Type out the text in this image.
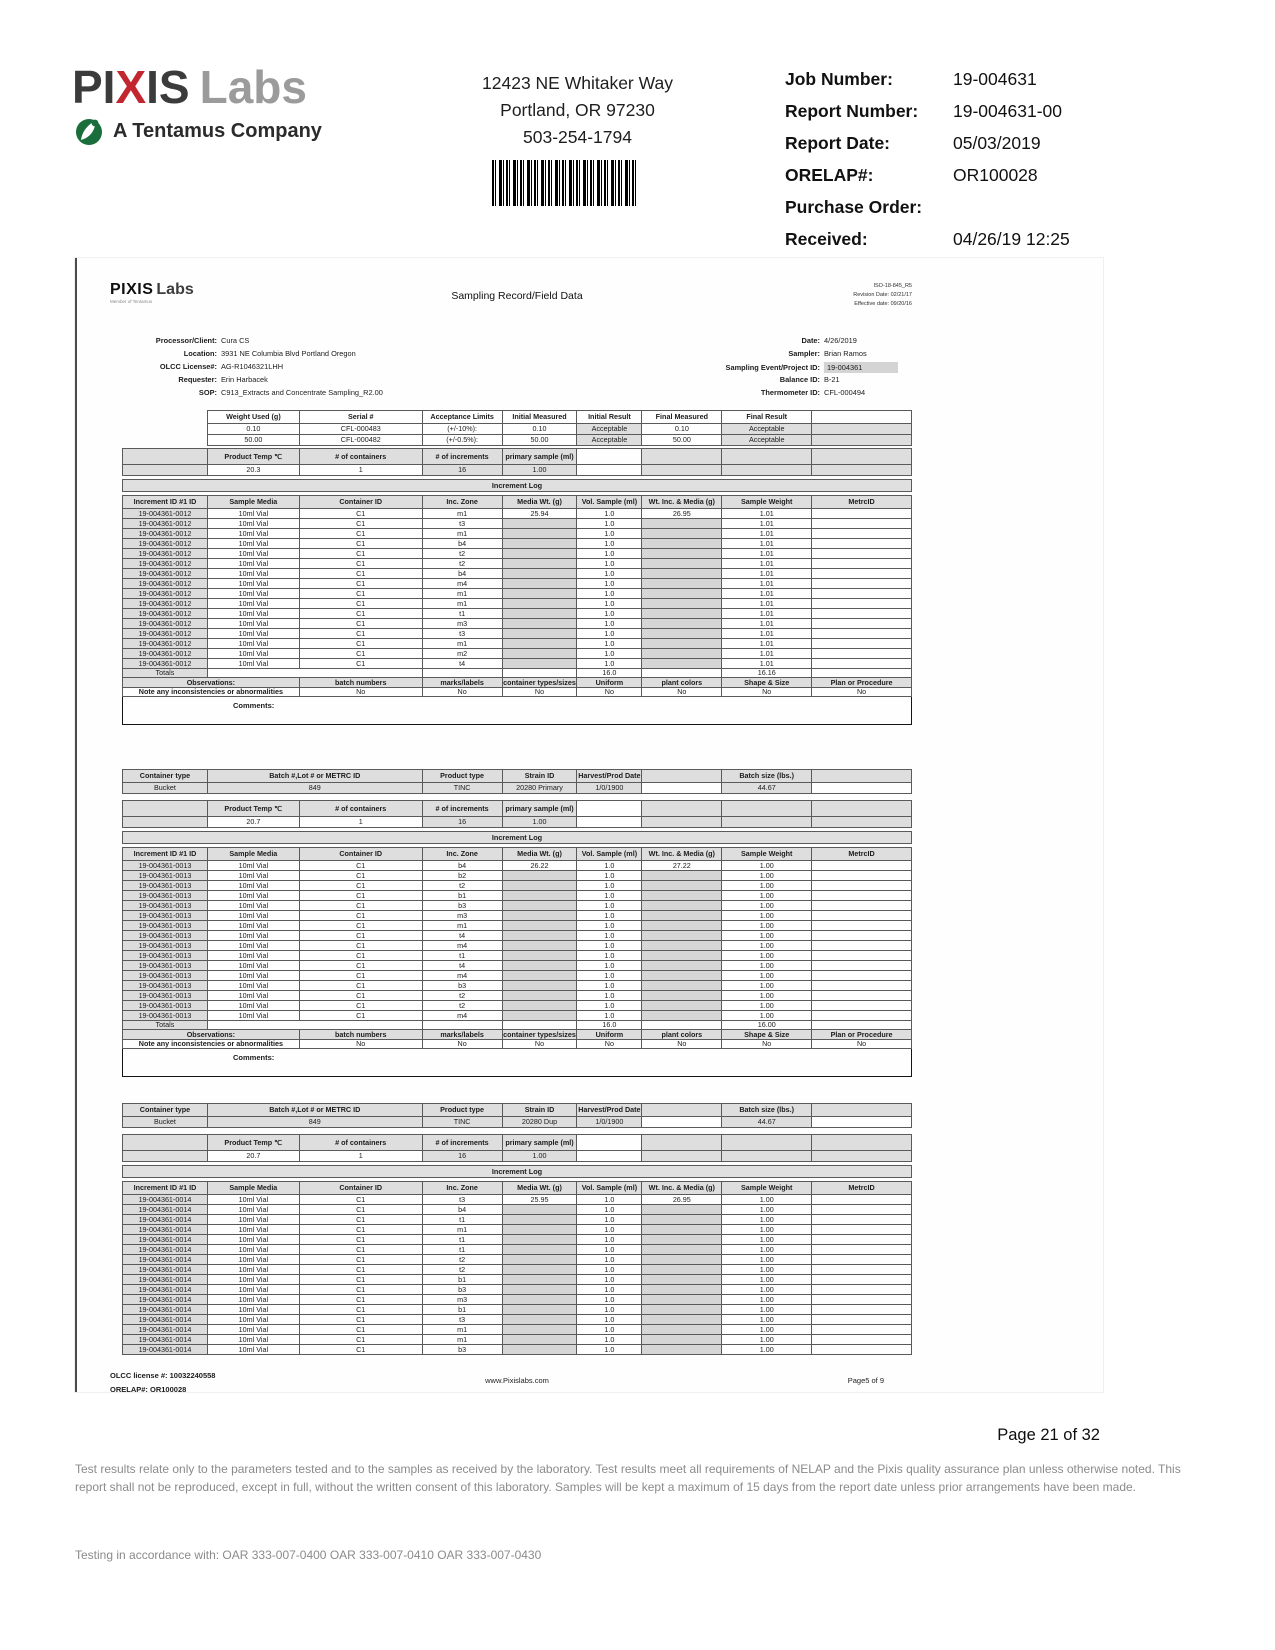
PIXIS Labs
A Tentamus Company
12423 NE Whitaker Way
Portland, OR 97230
503-254-1794
Job Number:	19-004631
Report Number:	19-004631-00
Report Date:	05/03/2019
ORELAP#:	OR100028
Purchase Order:
Received:	04/26/19 12:25
PIXIS Labs
Member of Tentamus	Sampling Record/Field Data
ISO-18-845_R5
Revision Date: 02/21/17
Effective date: 09/20/16
Processor/Client: Cura CS
Location: 3931 NE Columbia Blvd Portland Oregon
OLCC License#: AG-R1046321LHH
Requester: Erin Harbacek
SOP: C913_Extracts and Concentrate Sampling_R2.00
Date: 4/26/2019
Sampler: Brian Ramos
Sampling Event/Project ID: 19-004361
Balance ID: B-21
Thermometer ID: CFL-000494
Weight Used (g)	Serial #	Acceptance Limits	Initial Measured	Initial Result	Final Measured	Final Result	
0.10	CFL-000483	(+/-10%):	0.10	Acceptable	0.10	Acceptable	
50.00	CFL-000482	(+/-0.5%):	50.00	Acceptable	50.00	Acceptable	
	Product Temp ℃	# of containers	# of increments	primary sample (ml)				
	20.3	1	16	1.00				
Increment Log
Increment ID #1 ID	Sample Media	Container ID	Inc. Zone	Media Wt. (g)	Vol. Sample (ml)	Wt. Inc. & Media (g)	Sample Weight	MetrcID
19-004361-0012	10ml Vial	C1	m1	25.94	1.0	26.95	1.01	
19-004361-0012	10ml Vial	C1	t3		1.0		1.01	
19-004361-0012	10ml Vial	C1	m1		1.0		1.01	
19-004361-0012	10ml Vial	C1	b4		1.0		1.01	
19-004361-0012	10ml Vial	C1	t2		1.0		1.01	
19-004361-0012	10ml Vial	C1	t2		1.0		1.01	
19-004361-0012	10ml Vial	C1	b4		1.0		1.01	
19-004361-0012	10ml Vial	C1	m4		1.0		1.01	
19-004361-0012	10ml Vial	C1	m1		1.0		1.01	
19-004361-0012	10ml Vial	C1	m1		1.0		1.01	
19-004361-0012	10ml Vial	C1	t1		1.0		1.01	
19-004361-0012	10ml Vial	C1	m3		1.0		1.01	
19-004361-0012	10ml Vial	C1	t3		1.0		1.01	
19-004361-0012	10ml Vial	C1	m1		1.0		1.01	
19-004361-0012	10ml Vial	C1	m2		1.0		1.01	
19-004361-0012	10ml Vial	C1	t4		1.0		1.01	
Totals					16.0		16.16	
Observations:		batch numbers	marks/labels	container types/sizes	Uniform	plant colors	Shape & Size	Plan or Procedure
Note any inconsistencies or abnormalities		No	No	No	No	No	No	No
Comments:
Container type	Batch #,Lot # or METRC ID	Product type	Strain ID	Harvest/Prod Date		Batch size (lbs.)	
Bucket	849	TINC	20280 Primary	1/0/1900		44.67	
	Product Temp ℃	# of containers	# of increments	primary sample (ml)				
	20.7	1	16	1.00				
Increment Log
Increment ID #1 ID	Sample Media	Container ID	Inc. Zone	Media Wt. (g)	Vol. Sample (ml)	Wt. Inc. & Media (g)	Sample Weight	MetrcID
19-004361-0013	10ml Vial	C1	b4	26.22	1.0	27.22	1.00	
19-004361-0013	10ml Vial	C1	b2		1.0		1.00	
19-004361-0013	10ml Vial	C1	t2		1.0		1.00	
19-004361-0013	10ml Vial	C1	b1		1.0		1.00	
19-004361-0013	10ml Vial	C1	b3		1.0		1.00	
19-004361-0013	10ml Vial	C1	m3		1.0		1.00	
19-004361-0013	10ml Vial	C1	m1		1.0		1.00	
19-004361-0013	10ml Vial	C1	t4		1.0		1.00	
19-004361-0013	10ml Vial	C1	m4		1.0		1.00	
19-004361-0013	10ml Vial	C1	t1		1.0		1.00	
19-004361-0013	10ml Vial	C1	t4		1.0		1.00	
19-004361-0013	10ml Vial	C1	m4		1.0		1.00	
19-004361-0013	10ml Vial	C1	b3		1.0		1.00	
19-004361-0013	10ml Vial	C1	t2		1.0		1.00	
19-004361-0013	10ml Vial	C1	t2		1.0		1.00	
19-004361-0013	10ml Vial	C1	m4		1.0		1.00	
Totals					16.0		16.00	
Observations:		batch numbers	marks/labels	container types/sizes	Uniform	plant colors	Shape & Size	Plan or Procedure
Note any inconsistencies or abnormalities		No	No	No	No	No	No	No
Comments:
Container type	Batch #,Lot # or METRC ID	Product type	Strain ID	Harvest/Prod Date		Batch size (lbs.)	
Bucket	849	TINC	20280 Dup	1/0/1900		44.67	
	Product Temp ℃	# of containers	# of increments	primary sample (ml)				
	20.7	1	16	1.00				
Increment Log
Increment ID #1 ID	Sample Media	Container ID	Inc. Zone	Media Wt. (g)	Vol. Sample (ml)	Wt. Inc. & Media (g)	Sample Weight	MetrcID
19-004361-0014	10ml Vial	C1	t3	25.95	1.0	26.95	1.00	
19-004361-0014	10ml Vial	C1	b4		1.0		1.00	
19-004361-0014	10ml Vial	C1	t1		1.0		1.00	
19-004361-0014	10ml Vial	C1	m1		1.0		1.00	
19-004361-0014	10ml Vial	C1	t1		1.0		1.00	
19-004361-0014	10ml Vial	C1	t1		1.0		1.00	
19-004361-0014	10ml Vial	C1	t2		1.0		1.00	
19-004361-0014	10ml Vial	C1	t2		1.0		1.00	
19-004361-0014	10ml Vial	C1	b1		1.0		1.00	
19-004361-0014	10ml Vial	C1	b3		1.0		1.00	
19-004361-0014	10ml Vial	C1	m3		1.0		1.00	
19-004361-0014	10ml Vial	C1	b1		1.0		1.00	
19-004361-0014	10ml Vial	C1	t3		1.0		1.00	
19-004361-0014	10ml Vial	C1	m1		1.0		1.00	
19-004361-0014	10ml Vial	C1	m1		1.0		1.00	
19-004361-0014	10ml Vial	C1	b3		1.0		1.00	
OLCC license #: 10032240558
ORELAP#: OR100028
www.Pixislabs.com	Page5 of 9
Page 21 of 32
Test results relate only to the parameters tested and to the samples as received by the laboratory. Test results meet all requirements of NELAP and the Pixis quality assurance plan unless otherwise noted. This report shall not be reproduced, except in full, without the written consent of this laboratory. Samples will be kept a maximum of 15 days from the report date unless prior arrangements have been made.
Testing in accordance with: OAR 333-007-0400 OAR 333-007-0410 OAR 333-007-0430
